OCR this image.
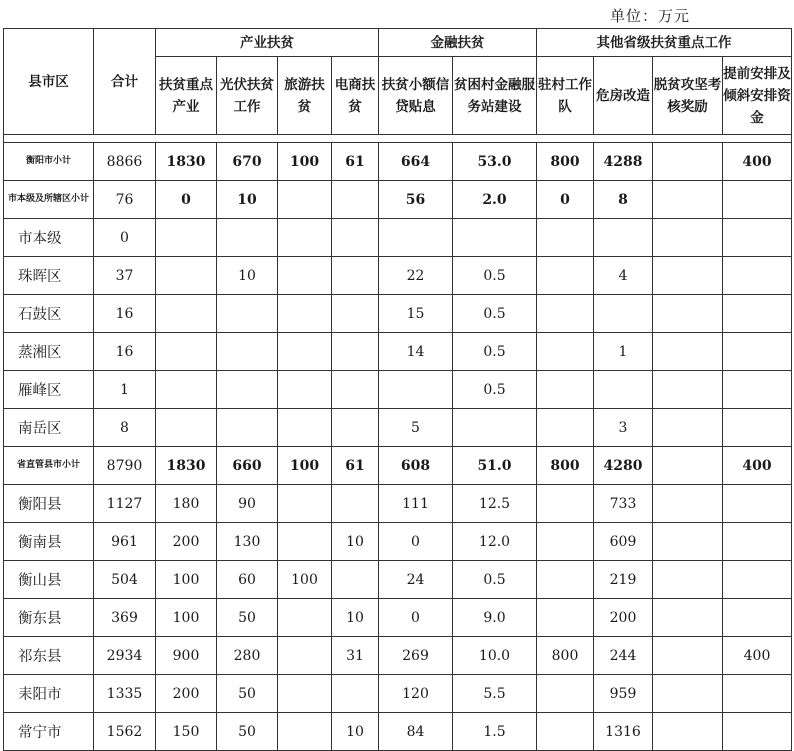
单位：万元
县市区	合计	产业扶贫				金融扶贫		其他省级扶贫重点工作			
		扶贫重点产业	光伏扶贫工作	旅游扶贫	电商扶贫	扶贫小额信贷贴息	贫困村金融服务站建设	驻村工作队	危房改造	脱贫攻坚考核奖励	提前安排及倾斜安排资金

衡阳市小计	8866	1830	670	100	61	664	53.0	800	4288		400
市本级及所辖区小计	76	0	10			56	2.0	0	8		
市本级	0										
珠晖区	37		10			22	0.5		4		
石鼓区	16					15	0.5				
蒸湘区	16					14	0.5		1		
雁峰区	1						0.5				
南岳区	8					5			3		
省直管县市小计	8790	1830	660	100	61	608	51.0	800	4280		400
衡阳县	1127	180	90			111	12.5		733		
衡南县	961	200	130		10	0	12.0		609		
衡山县	504	100	60	100		24	0.5		219		
衡东县	369	100	50		10	0	9.0		200		
祁东县	2934	900	280		31	269	10.0	800	244		400
耒阳市	1335	200	50			120	5.5		959		
常宁市	1562	150	50		10	84	1.5		1316		
